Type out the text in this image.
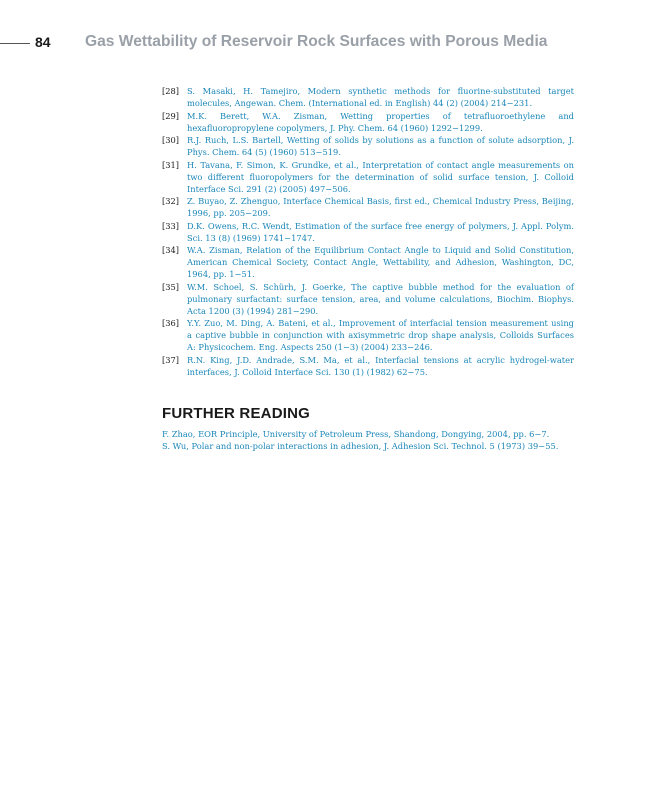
84 Gas Wettability of Reservoir Rock Surfaces with Porous Media
[28] S. Masaki, H. Tamejiro, Modern synthetic methods for fluorine-substituted target molecules, Angewan. Chem. (International ed. in English) 44 (2) (2004) 214−231.
[29] M.K. Berett, W.A. Zisman, Wetting properties of tetrafluoroethylene and hexafluoropropylene copolymers, J. Phy. Chem. 64 (1960) 1292−1299.
[30] R.J. Ruch, L.S. Bartell, Wetting of solids by solutions as a function of solute adsorption, J. Phys. Chem. 64 (5) (1960) 513−519.
[31] H. Tavana, F. Simon, K. Grundke, et al., Interpretation of contact angle measurements on two different fluoropolymers for the determination of solid surface tension, J. Colloid Interface Sci. 291 (2) (2005) 497−506.
[32] Z. Buyao, Z. Zhenguo, Interface Chemical Basis, first ed., Chemical Industry Press, Beijing, 1996, pp. 205−209.
[33] D.K. Owens, R.C. Wendt, Estimation of the surface free energy of polymers, J. Appl. Polym. Sci. 13 (8) (1969) 1741−1747.
[34] W.A. Zisman, Relation of the Equilibrium Contact Angle to Liquid and Solid Constitution, American Chemical Society, Contact Angle, Wettability, and Adhesion, Washington, DC, 1964, pp. 1−51.
[35] W.M. Schoel, S. Schürh, J. Goerke, The captive bubble method for the evaluation of pulmonary surfactant: surface tension, area, and volume calculations, Biochim. Biophys. Acta 1200 (3) (1994) 281−290.
[36] Y.Y. Zuo, M. Ding, A. Bateni, et al., Improvement of interfacial tension measurement using a captive bubble in conjunction with axisymmetric drop shape analysis, Colloids Surfaces A: Physicochem. Eng. Aspects 250 (1−3) (2004) 233−246.
[37] R.N. King, J.D. Andrade, S.M. Ma, et al., Interfacial tensions at acrylic hydrogel-water interfaces, J. Colloid Interface Sci. 130 (1) (1982) 62−75.
FURTHER READING
F. Zhao, EOR Principle, University of Petroleum Press, Shandong, Dongying, 2004, pp. 6−7.
S. Wu, Polar and non-polar interactions in adhesion, J. Adhesion Sci. Technol. 5 (1973) 39−55.
